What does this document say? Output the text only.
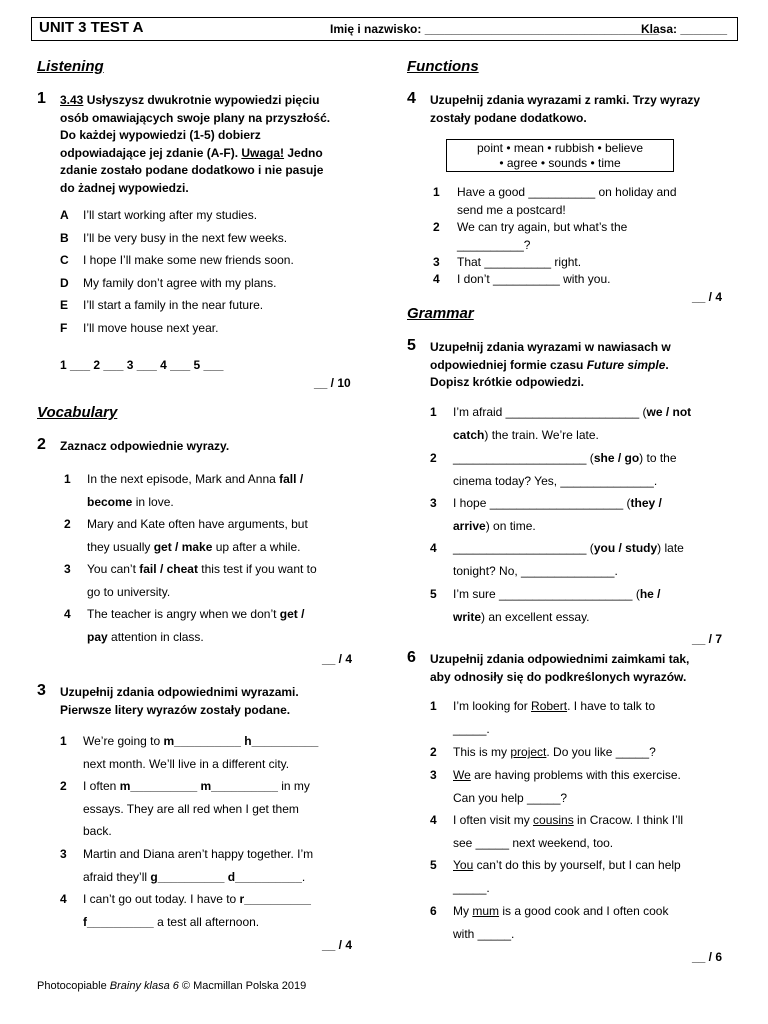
UNIT 3 TEST A	Imię i nazwisko: ___________________________________
Klasa: _______
Listening
1 3.43 Usłyszysz dwukrotnie wypowiedzi pięciu
osób omawiających swoje plany na przyszłość.
Do każdej wypowiedzi (1-5) dobierz
odpowiadające jej zdanie (A-F). Uwaga! Jedno
zdanie zostało podane dodatkowo i nie pasuje
do żadnej wypowiedzi.
A I’ll start working after my studies.
B I’ll be very busy in the next few weeks.
C I hope I’ll make some new friends soon.
D My family don’t agree with my plans.
E I’ll start a family in the near future.
F I’ll move house next year.
1 ___ 2 ___ 3 ___ 4 ___ 5 ___
__ / 10
Vocabulary
2 Zaznacz odpowiednie wyrazy.
1 In the next episode, Mark and Anna fall /
become in love.
2 Mary and Kate often have arguments, but
they usually get / make up after a while.
3 You can’t fail / cheat this test if you want to
go to university.
4 The teacher is angry when we don’t get /
pay attention in class.
__ / 4
3 Uzupełnij zdania odpowiednimi wyrazami.
Pierwsze litery wyrazów zostały podane.
1 We’re going to m__________ h__________
next month. We’ll live in a different city.
2 I often m__________ m__________ in my
essays. They are all red when I get them
back.
3 Martin and Diana aren’t happy together. I’m
afraid they’ll g__________ d__________.
4 I can’t go out today. I have to r__________
f__________ a test all afternoon.
__ / 4
Functions
4 Uzupełnij zdania wyrazami z ramki. Trzy wyrazy
zostały podane dodatkowo.
point • mean • rubbish • believe
• agree • sounds • time
1 Have a good __________ on holiday and
send me a postcard!
2 We can try again, but what’s the
__________?
3 That __________ right.
4 I don’t __________ with you.
__ / 4
Grammar
5 Uzupełnij zdania wyrazami w nawiasach w
odpowiedniej formie czasu Future simple.
Dopisz krótkie odpowiedzi.
1 I’m afraid ____________________ (we / not
catch) the train. We’re late.
2 ____________________ (she / go) to the
cinema today? Yes, ______________.
3 I hope ____________________ (they /
arrive) on time.
4 ____________________ (you / study) late
tonight? No, ______________.
5 I’m sure ____________________ (he /
write) an excellent essay.
__ / 7
6 Uzupełnij zdania odpowiednimi zaimkami tak,
aby odnosiły się do podkreślonych wyrazów.
1 I’m looking for Robert. I have to talk to
_____.
2 This is my project. Do you like _____?
3 We are having problems with this exercise.
Can you help _____?
4 I often visit my cousins in Cracow. I think I’ll
see _____ next weekend, too.
5 You can’t do this by yourself, but I can help
_____.
6 My mum is a good cook and I often cook
with _____.
__ / 6
Photocopiable Brainy klasa 6 © Macmillan Polska 2019
